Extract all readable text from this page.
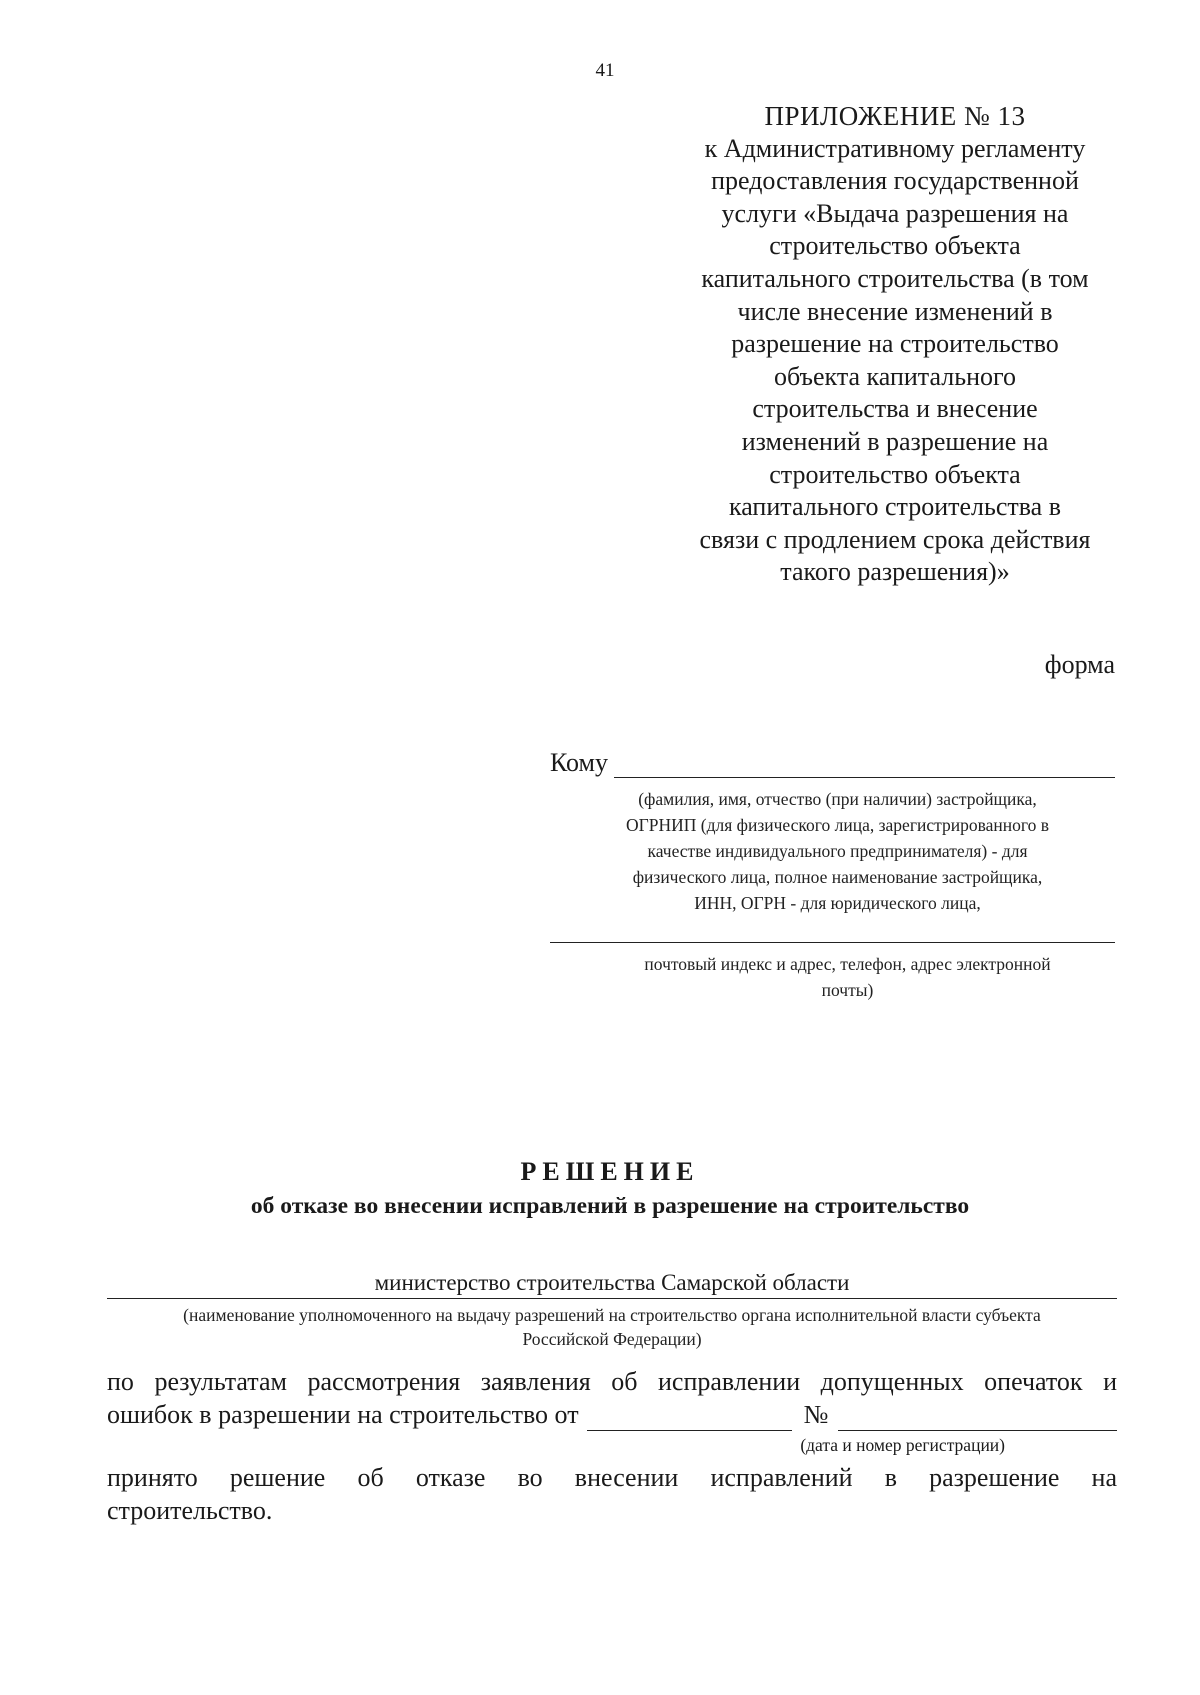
41
ПРИЛОЖЕНИЕ № 13
к Административному регламенту
предоставления государственной
услуги «Выдача разрешения на
строительство объекта
капитального строительства (в том
числе внесение изменений в
разрешение на строительство
объекта капитального
строительства и внесение
изменений в разрешение на
строительство объекта
капитального строительства в
связи с продлением срока действия
такого разрешения)»
форма
Кому
(фамилия, имя, отчество (при наличии) застройщика,
ОГРНИП (для физического лица, зарегистрированного в
качестве индивидуального предпринимателя) - для
физического лица, полное наименование застройщика,
ИНН, ОГРН - для юридического лица,
почтовый индекс и адрес, телефон, адрес электронной
почты)
РЕШЕНИЕ
об отказе во внесении исправлений в разрешение на строительство
министерство строительства Самарской области
(наименование уполномоченного на выдачу разрешений на строительство органа исполнительной власти субъекта
Российской Федерации)
по результатам рассмотрения заявления об исправлении допущенных опечаток и
ошибок в разрешении на строительство от	№
(дата и номер регистрации)
принято решение об отказе во внесении исправлений в разрешение на
строительство.
